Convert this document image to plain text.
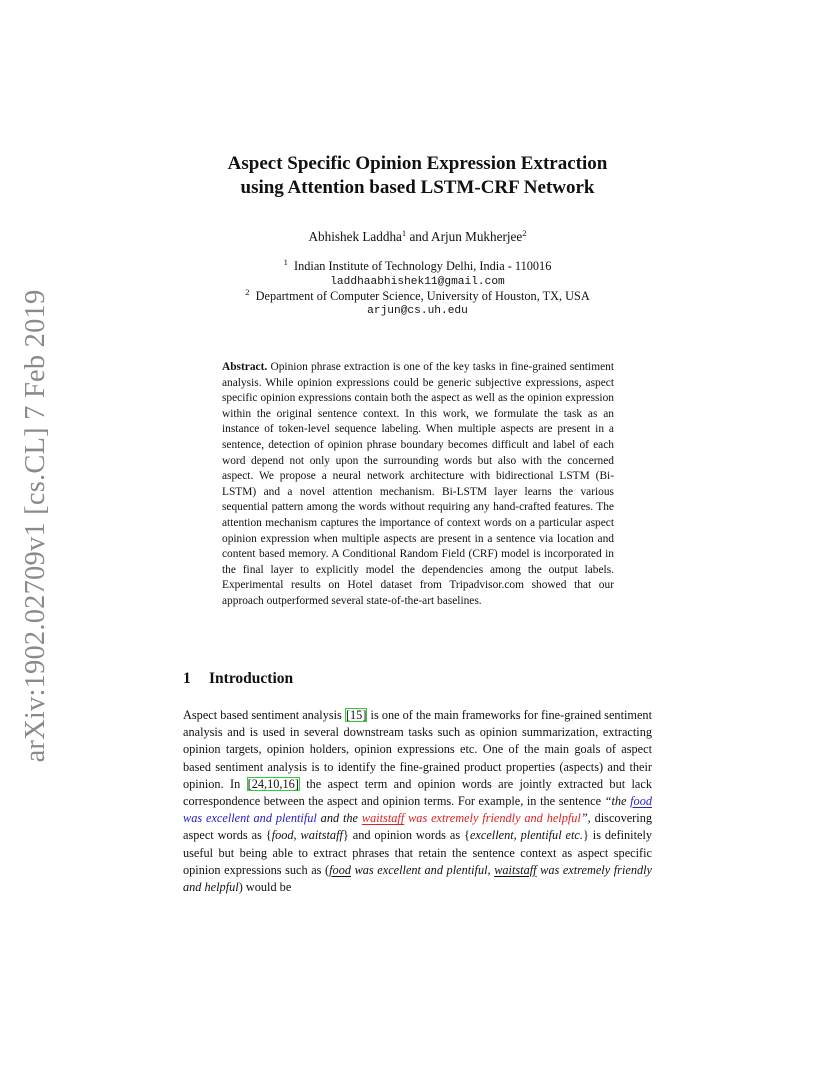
arXiv:1902.02709v1 [cs.CL] 7 Feb 2019
Aspect Specific Opinion Expression Extraction
using Attention based LSTM-CRF Network
Abhishek Laddha$^1$ and Arjun Mukherjee$^2$
$^1$ Indian Institute of Technology Delhi, India - 110016
laddhaabhishek11@gmail.com
$^2$ Department of Computer Science, University of Houston, TX, USA
arjun@cs.uh.edu
Abstract. Opinion phrase extraction is one of the key tasks in fine-grained sentiment analysis. While opinion expressions could be generic subjective expressions, aspect specific opinion expressions contain both the aspect as well as the opinion expression within the original sentence context. In this work, we formulate the task as an instance of token-level sequence labeling. When multiple aspects are present in a sentence, detection of opinion phrase boundary becomes difficult and label of each word depend not only upon the surrounding words but also with the concerned aspect. We propose a neural network architecture with bidirectional LSTM (Bi-LSTM) and a novel attention mechanism. Bi-LSTM layer learns the various sequential pattern among the words without requiring any hand-crafted features. The attention mechanism captures the importance of context words on a particular aspect opinion expression when multiple aspects are present in a sentence via location and content based memory. A Conditional Random Field (CRF) model is incorporated in the final layer to explicitly model the dependencies among the output labels. Experimental results on Hotel dataset from Tripadvisor.com showed that our approach outperformed several state-of-the-art baselines.
1 Introduction
Aspect based sentiment analysis [15] is one of the main frameworks for fine-grained sentiment analysis and is used in several downstream tasks such as opinion summarization, extracting opinion targets, opinion holders, opinion expressions etc. One of the main goals of aspect based sentiment analysis is to identify the fine-grained product properties (aspects) and their opinion. In [24,10,16] the aspect term and opinion words are jointly extracted but lack correspondence between the aspect and opinion terms. For example, in the sentence “the food was excellent and plentiful and the waitstaff was extremely friendly and helpful”, discovering aspect words as {food, waitstaff} and opinion words as {excellent, plentiful etc.} is definitely useful but being able to extract phrases that retain the sentence context as aspect specific opinion expressions such as (food was excellent and plentiful, waitstaff was extremely friendly and helpful) would be
